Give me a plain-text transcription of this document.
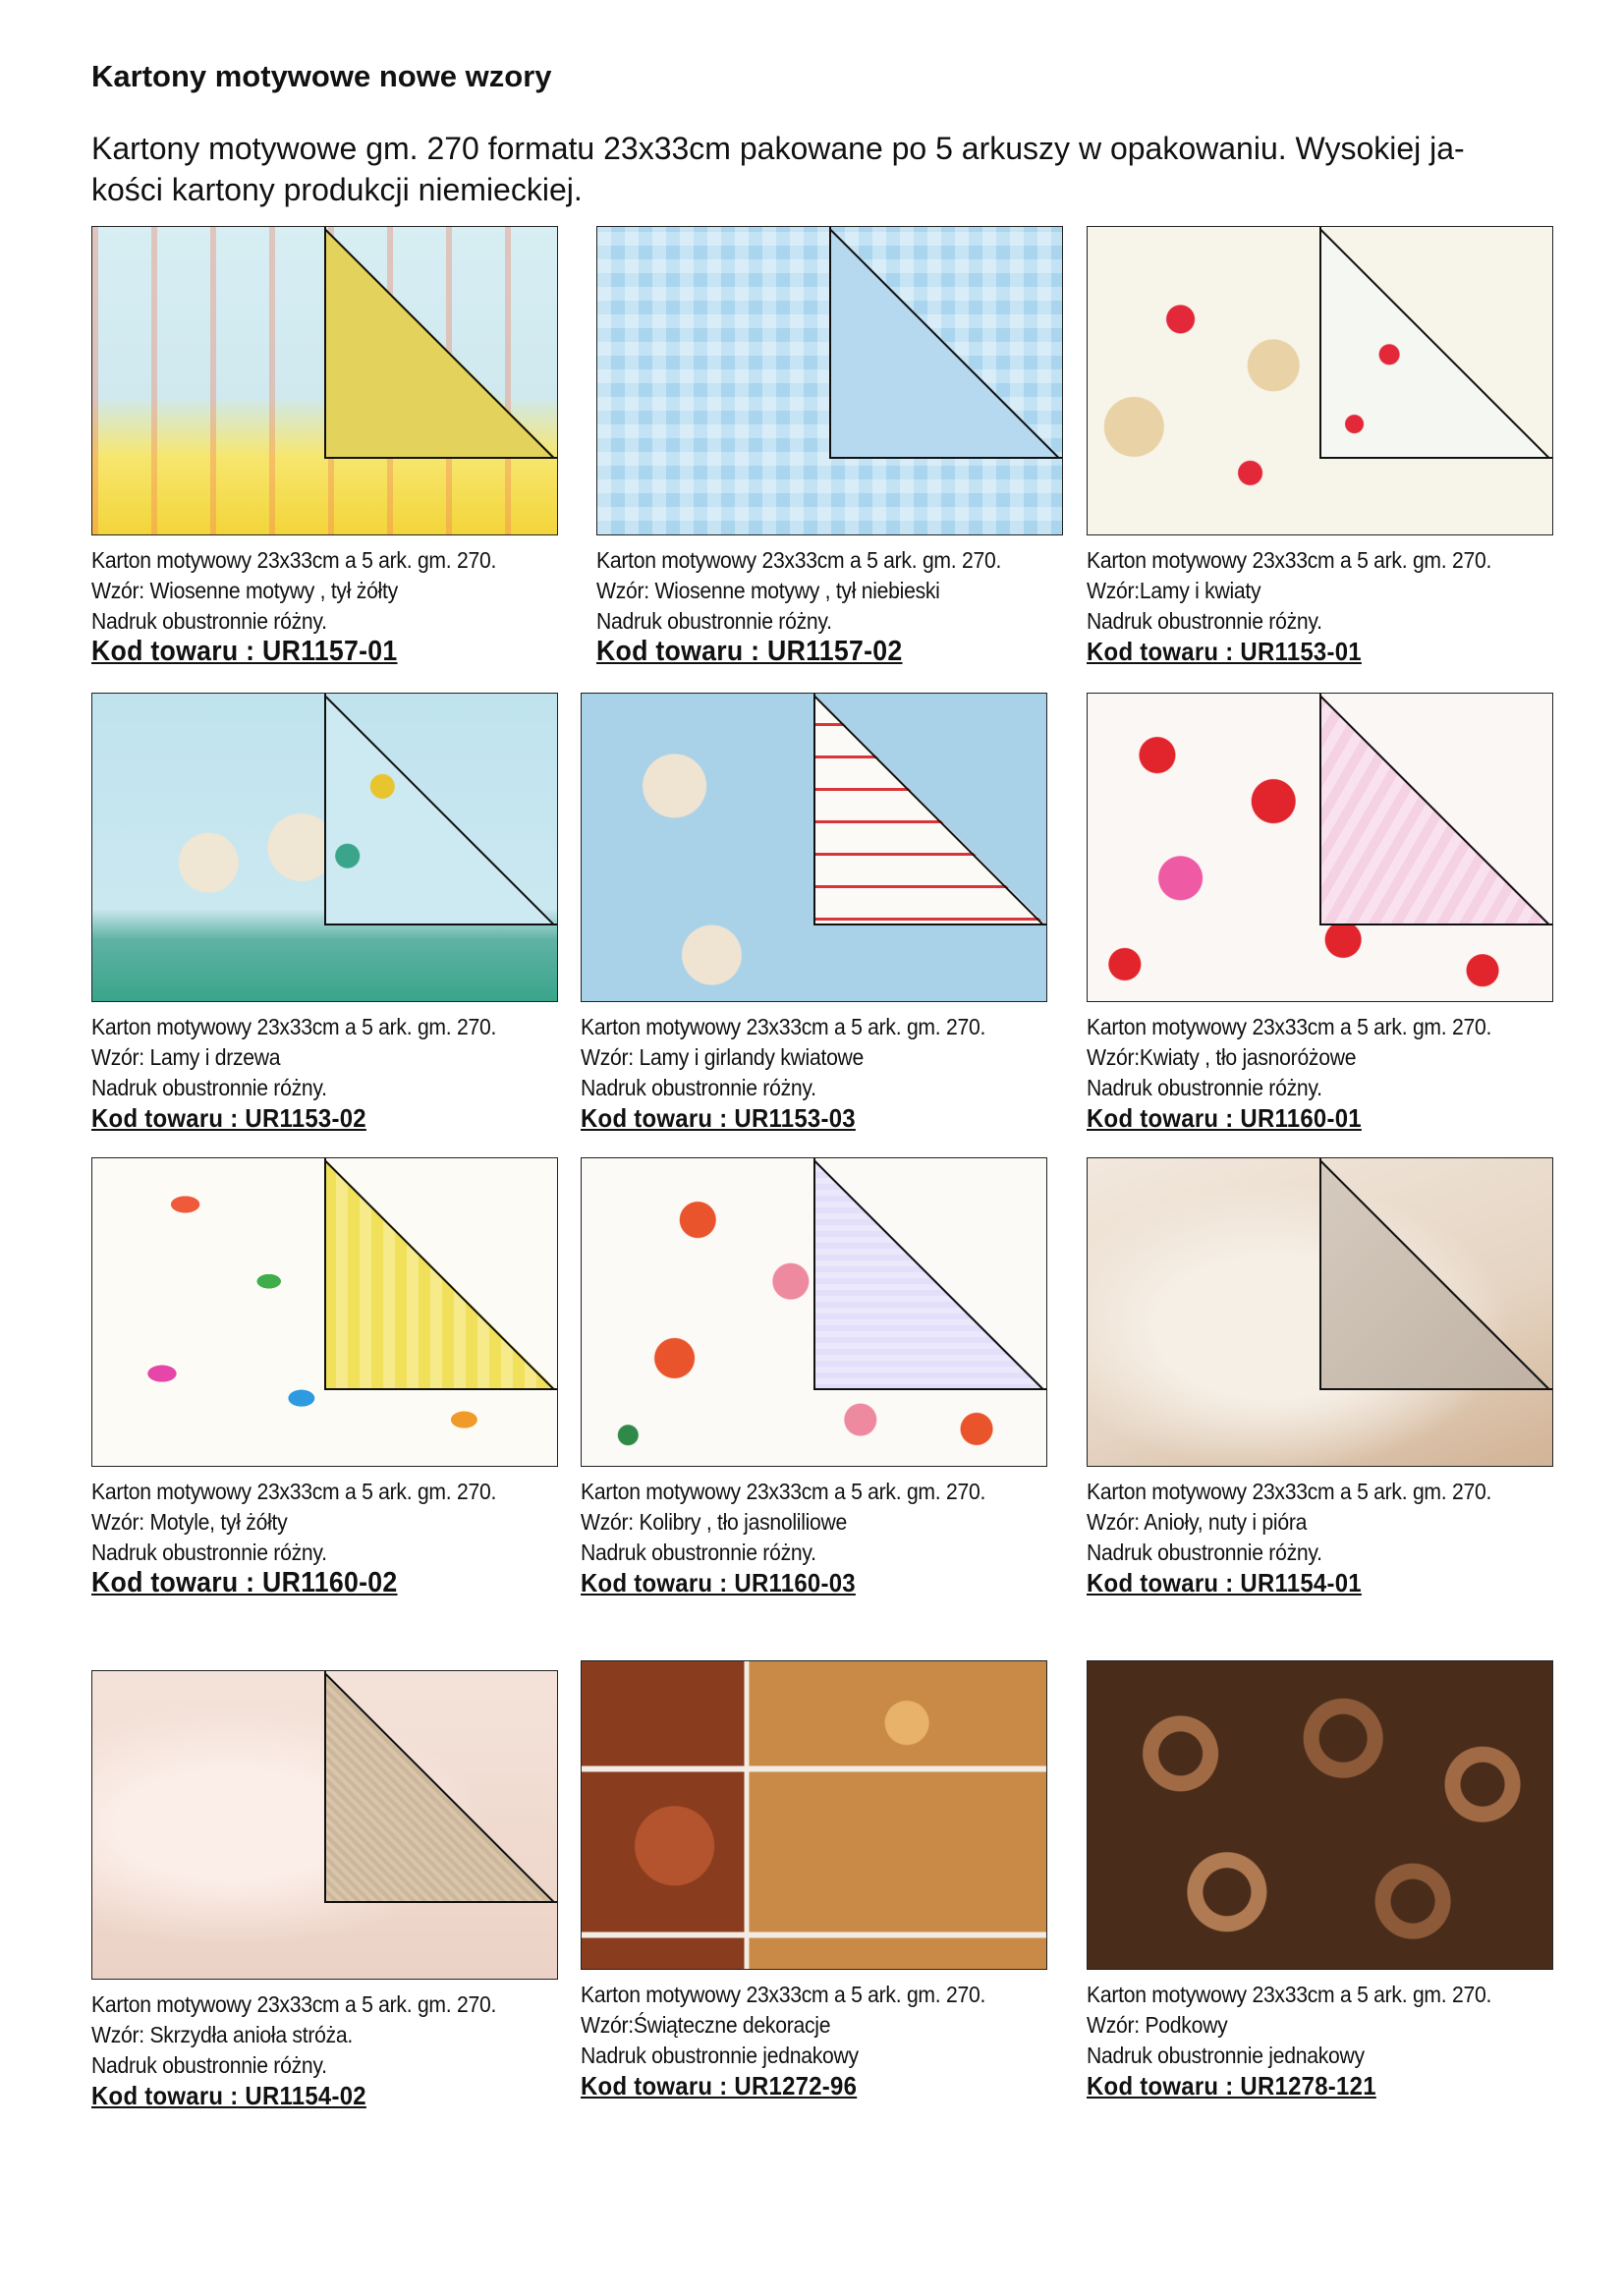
Kartony motywowe nowe wzory

Kartony motywowe gm. 270 formatu 23x33cm pakowane po 5 arkuszy w opakowaniu. Wysokiej ja-
kości kartony produkcji niemieckiej.

Karton motywowy 23x33cm a 5 ark. gm. 270.
Wzór: Wiosenne motywy , tył żółty
Nadruk obustronnie różny.
Kod towaru : UR1157-01
Karton motywowy 23x33cm a 5 ark. gm. 270.
Wzór: Wiosenne motywy , tył niebieski
Nadruk obustronnie różny.
Kod towaru : UR1157-02
Karton motywowy 23x33cm a 5 ark. gm. 270.
Wzór:Lamy i kwiaty
Nadruk obustronnie różny.
Kod towaru : UR1153-01
Karton motywowy 23x33cm a 5 ark. gm. 270.
Wzór: Lamy i drzewa
Nadruk obustronnie różny.
Kod towaru : UR1153-02
Karton motywowy 23x33cm a 5 ark. gm. 270.
Wzór: Lamy i girlandy kwiatowe
Nadruk obustronnie różny.
Kod towaru : UR1153-03
Karton motywowy 23x33cm a 5 ark. gm. 270.
Wzór:Kwiaty , tło jasnoróżowe
Nadruk obustronnie różny.
Kod towaru : UR1160-01
Karton motywowy 23x33cm a 5 ark. gm. 270.
Wzór: Motyle, tył żółty
Nadruk obustronnie różny.
Kod towaru : UR1160-02
Karton motywowy 23x33cm a 5 ark. gm. 270.
Wzór: Kolibry , tło jasnoliliowe
Nadruk obustronnie różny.
Kod towaru : UR1160-03
Karton motywowy 23x33cm a 5 ark. gm. 270.
Wzór: Anioły, nuty i pióra
Nadruk obustronnie różny.
Kod towaru : UR1154-01
Karton motywowy 23x33cm a 5 ark. gm. 270.
Wzór: Skrzydła anioła stróża.
Nadruk obustronnie różny.
Kod towaru : UR1154-02
Karton motywowy 23x33cm a 5 ark. gm. 270.
Wzór:Świąteczne dekoracje
Nadruk obustronnie jednakowy
Kod towaru : UR1272-96
Karton motywowy 23x33cm a 5 ark. gm. 270.
Wzór: Podkowy
Nadruk obustronnie jednakowy
Kod towaru : UR1278-121
